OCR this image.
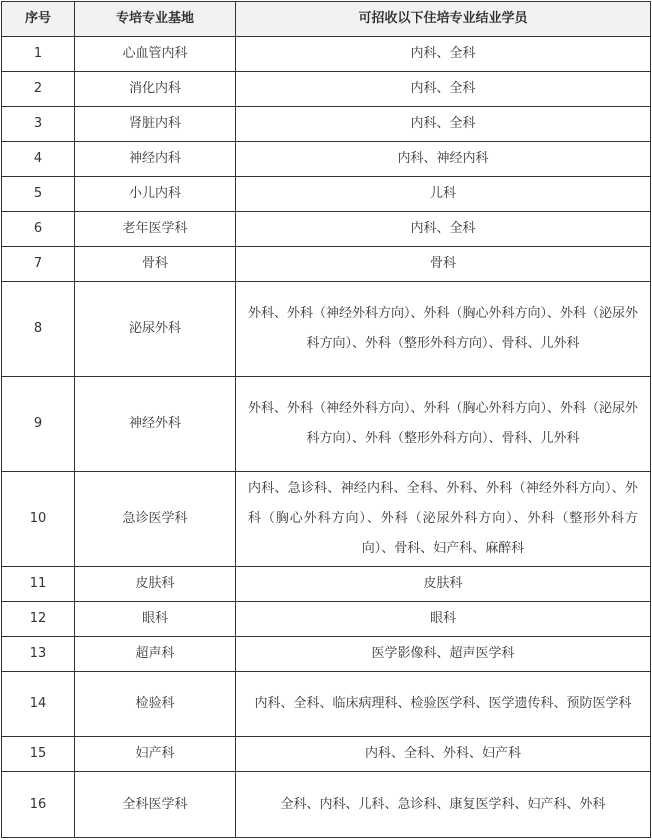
序号	专培专业基地	可招收以下住培专业结业学员
1	心血管内科	内科、全科
2	消化内科	内科、全科
3	肾脏内科	内科、全科
4	神经内科	内科、神经内科
5	小儿内科	儿科
6	老年医学科	内科、全科
7	骨科	骨科
8	泌尿外科	外科、外科（神经外科方向）、外科（胸心外科方向）、外科（泌尿外科方向）、外科（整形外科方向）、骨科、儿外科
9	神经外科	外科、外科（神经外科方向）、外科（胸心外科方向）、外科（泌尿外科方向）、外科（整形外科方向）、骨科、儿外科
10	急诊医学科	内科、急诊科、神经内科、全科、外科、外科（神经外科方向）、外科（胸心外科方向）、外科（泌尿外科方向）、外科（整形外科方向）、骨科、妇产科、麻醉科
11	皮肤科	皮肤科
12	眼科	眼科
13	超声科	医学影像科、超声医学科
14	检验科	内科、全科、临床病理科、检验医学科、医学遗传科、预防医学科
15	妇产科	内科、全科、外科、妇产科
16	全科医学科	全科、内科、儿科、急诊科、康复医学科、妇产科、外科
